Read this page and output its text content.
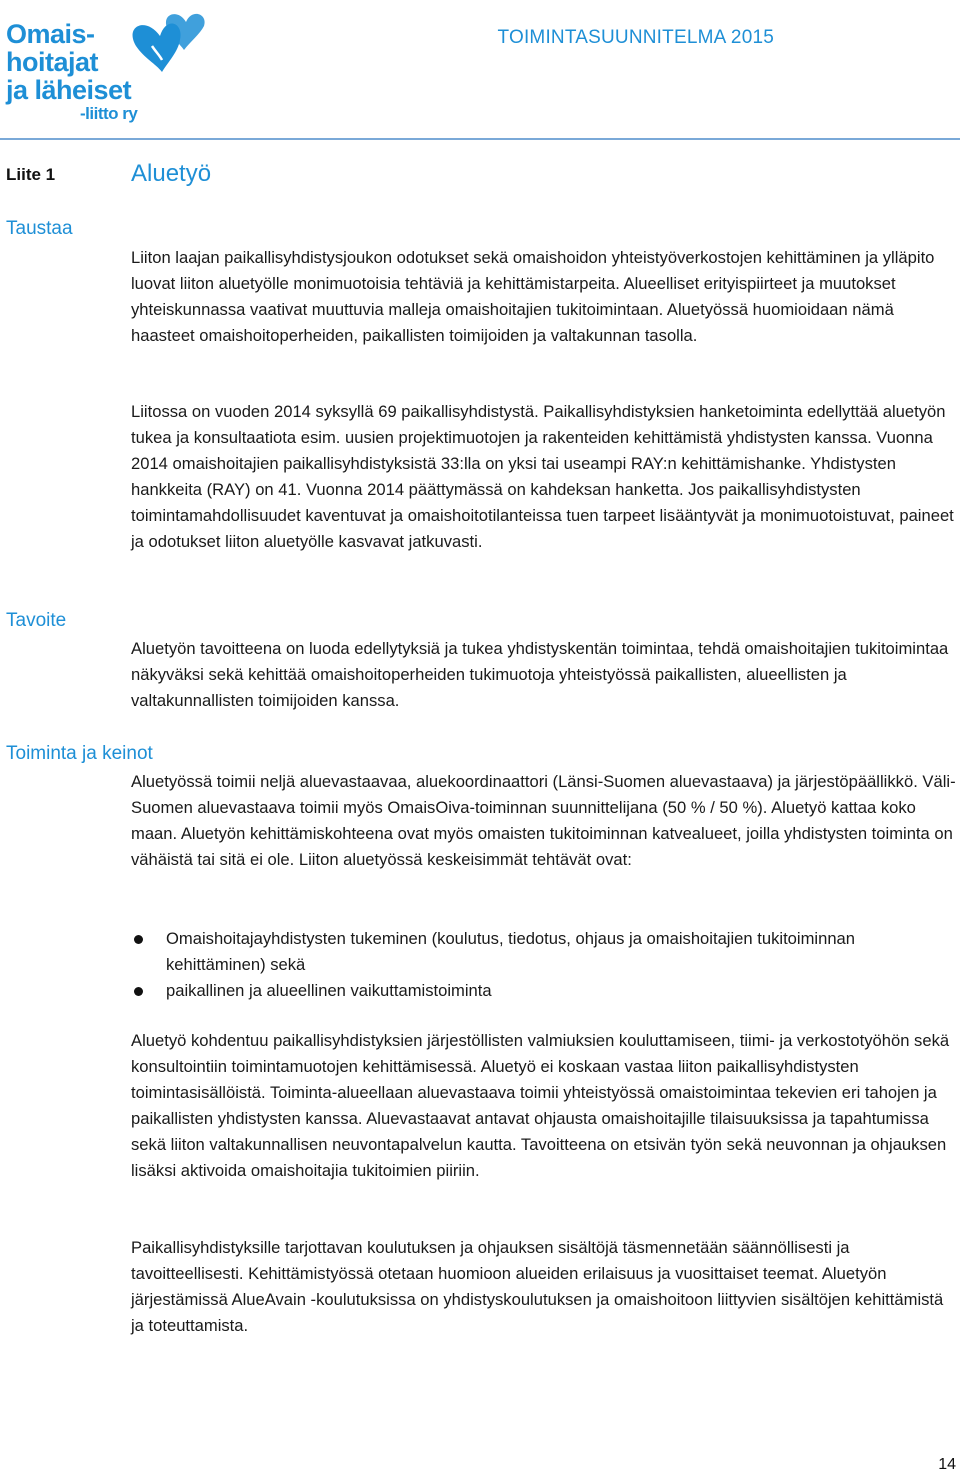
Omais-
hoitajat
ja läheiset
-liitto ry
TOIMINTASUUNNITELMA 2015
Liite 1	Aluetyö
Taustaa

Liiton laajan paikallisyhdistysjoukon odotukset sekä omaishoidon yhteistyöverkostojen kehittäminen ja ylläpito luovat liiton aluetyölle monimuotoisia tehtäviä ja kehittämistarpeita. Alueelliset erityispiirteet ja muutokset yhteiskunnassa vaativat muuttuvia malleja omaishoitajien tukitoimintaan. Aluetyössä huomioidaan nämä haasteet omaishoitoperheiden, paikallisten toimijoiden ja valtakunnan tasolla.

Liitossa on vuoden 2014 syksyllä 69 paikallisyhdistystä. Paikallisyhdistyksien hanketoiminta edellyttää aluetyön tukea ja konsultaatiota esim. uusien projektimuotojen ja rakenteiden kehittämistä yhdistysten kanssa. Vuonna 2014 omaishoitajien paikallisyhdistyksistä 33:lla on yksi tai useampi RAY:n kehittämishanke. Yhdistysten hankkeita (RAY) on 41. Vuonna 2014 päättymässä on kahdeksan hanketta. Jos paikallisyhdistysten toimintamahdollisuudet kaventuvat ja omaishoitotilanteissa tuen tarpeet lisääntyvät ja monimuotoistuvat, paineet ja odotukset liiton aluetyölle kasvavat jatkuvasti.

Tavoite

Aluetyön tavoitteena on luoda edellytyksiä ja tukea yhdistyskentän toimintaa, tehdä omaishoitajien tukitoimintaa näkyväksi sekä kehittää omaishoitoperheiden tukimuotoja yhteistyössä paikallisten, alueellisten ja valtakunnallisten toimijoiden kanssa.

Toiminta ja keinot

Aluetyössä toimii neljä aluevastaavaa, aluekoordinaattori (Länsi-Suomen aluevastaava) ja järjestöpäällikkö. Väli-Suomen aluevastaava toimii myös OmaisOiva-toiminnan suunnittelijana (50 % / 50 %). Aluetyö kattaa koko maan. Aluetyön kehittämiskohteena ovat myös omaisten tukitoiminnan katvealueet, joilla yhdistysten toiminta on vähäistä tai sitä ei ole. Liiton aluetyössä keskeisimmät tehtävät ovat:

Omaishoitajayhdistysten tukeminen (koulutus, tiedotus, ohjaus ja omaishoitajien tukitoiminnan kehittäminen) sekä
paikallinen ja alueellinen vaikuttamistoiminta

Aluetyö kohdentuu paikallisyhdistyksien järjestöllisten valmiuksien kouluttamiseen, tiimi- ja verkostotyöhön sekä konsultointiin toimintamuotojen kehittämisessä. Aluetyö ei koskaan vastaa liiton paikallisyhdistysten toimintasisällöistä. Toiminta-alueellaan aluevastaava toimii yhteistyössä omaistoimintaa tekevien eri tahojen ja paikallisten yhdistysten kanssa. Aluevastaavat antavat ohjausta omaishoitajille tilaisuuksissa ja tapahtumissa sekä liiton valtakunnallisen neuvontapalvelun kautta. Tavoitteena on etsivän työn sekä neuvonnan ja ohjauksen lisäksi aktivoida omaishoitajia tukitoimien piiriin.

Paikallisyhdistyksille tarjottavan koulutuksen ja ohjauksen sisältöjä täsmennetään säännöllisesti ja tavoitteellisesti. Kehittämistyössä otetaan huomioon alueiden erilaisuus ja vuosittaiset teemat. Aluetyön järjestämissä AlueAvain -koulutuksissa on yhdistyskoulutuksen ja omaishoitoon liittyvien sisältöjen kehittämistä ja toteuttamista.

14
